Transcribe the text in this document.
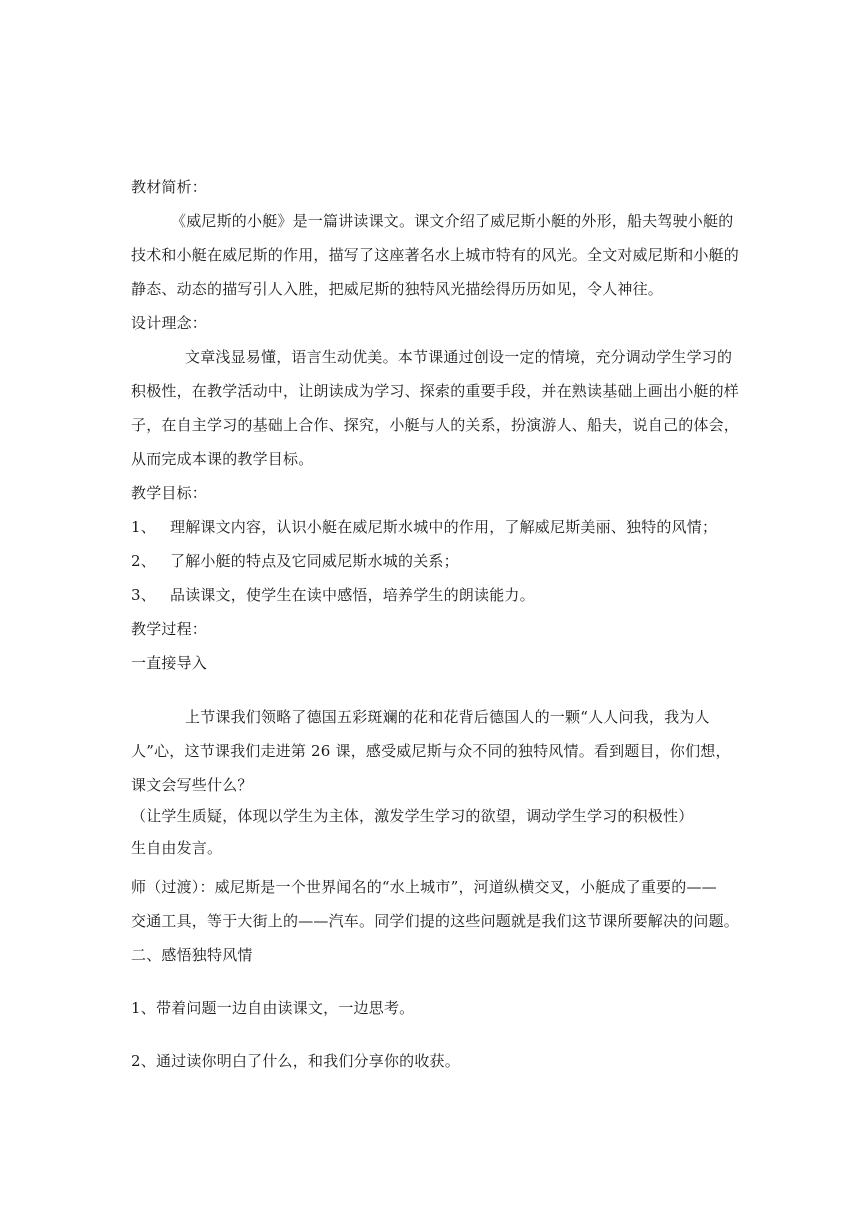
教材简析：
《威尼斯的小艇》是一篇讲读课文。课文介绍了威尼斯小艇的外形，船夫驾驶小艇的
技术和小艇在威尼斯的作用，描写了这座著名水上城市特有的风光。全文对威尼斯和小艇的
静态、动态的描写引人入胜，把威尼斯的独特风光描绘得历历如见，令人神往。
设计理念：
文章浅显易懂，语言生动优美。本节课通过创设一定的情境，充分调动学生学习的
积极性，在教学活动中，让朗读成为学习、探索的重要手段，并在熟读基础上画出小艇的样
子，在自主学习的基础上合作、探究，小艇与人的关系，扮演游人、船夫，说自己的体会，
从而完成本课的教学目标。
教学目标：
1、 理解课文内容，认识小艇在威尼斯水城中的作用，了解威尼斯美丽、独特的风情；
2、 了解小艇的特点及它同威尼斯水城的关系；
3、 品读课文，使学生在读中感悟，培养学生的朗读能力。
教学过程：
一直接导入
上节课我们领略了德国五彩斑斓的花和花背后德国人的一颗“人人问我，我为人
人”心，这节课我们走进第 26 课，感受威尼斯与众不同的独特风情。看到题目，你们想，
课文会写些什么？
（让学生质疑，体现以学生为主体，激发学生学习的欲望，调动学生学习的积极性）
生自由发言。
师（过渡）：威尼斯是一个世界闻名的“水上城市”，河道纵横交叉，小艇成了重要的——
交通工具，等于大街上的——汽车。同学们提的这些问题就是我们这节课所要解决的问题。
二、感悟独特风情
1、带着问题一边自由读课文，一边思考。
2、通过读你明白了什么，和我们分享你的收获。
